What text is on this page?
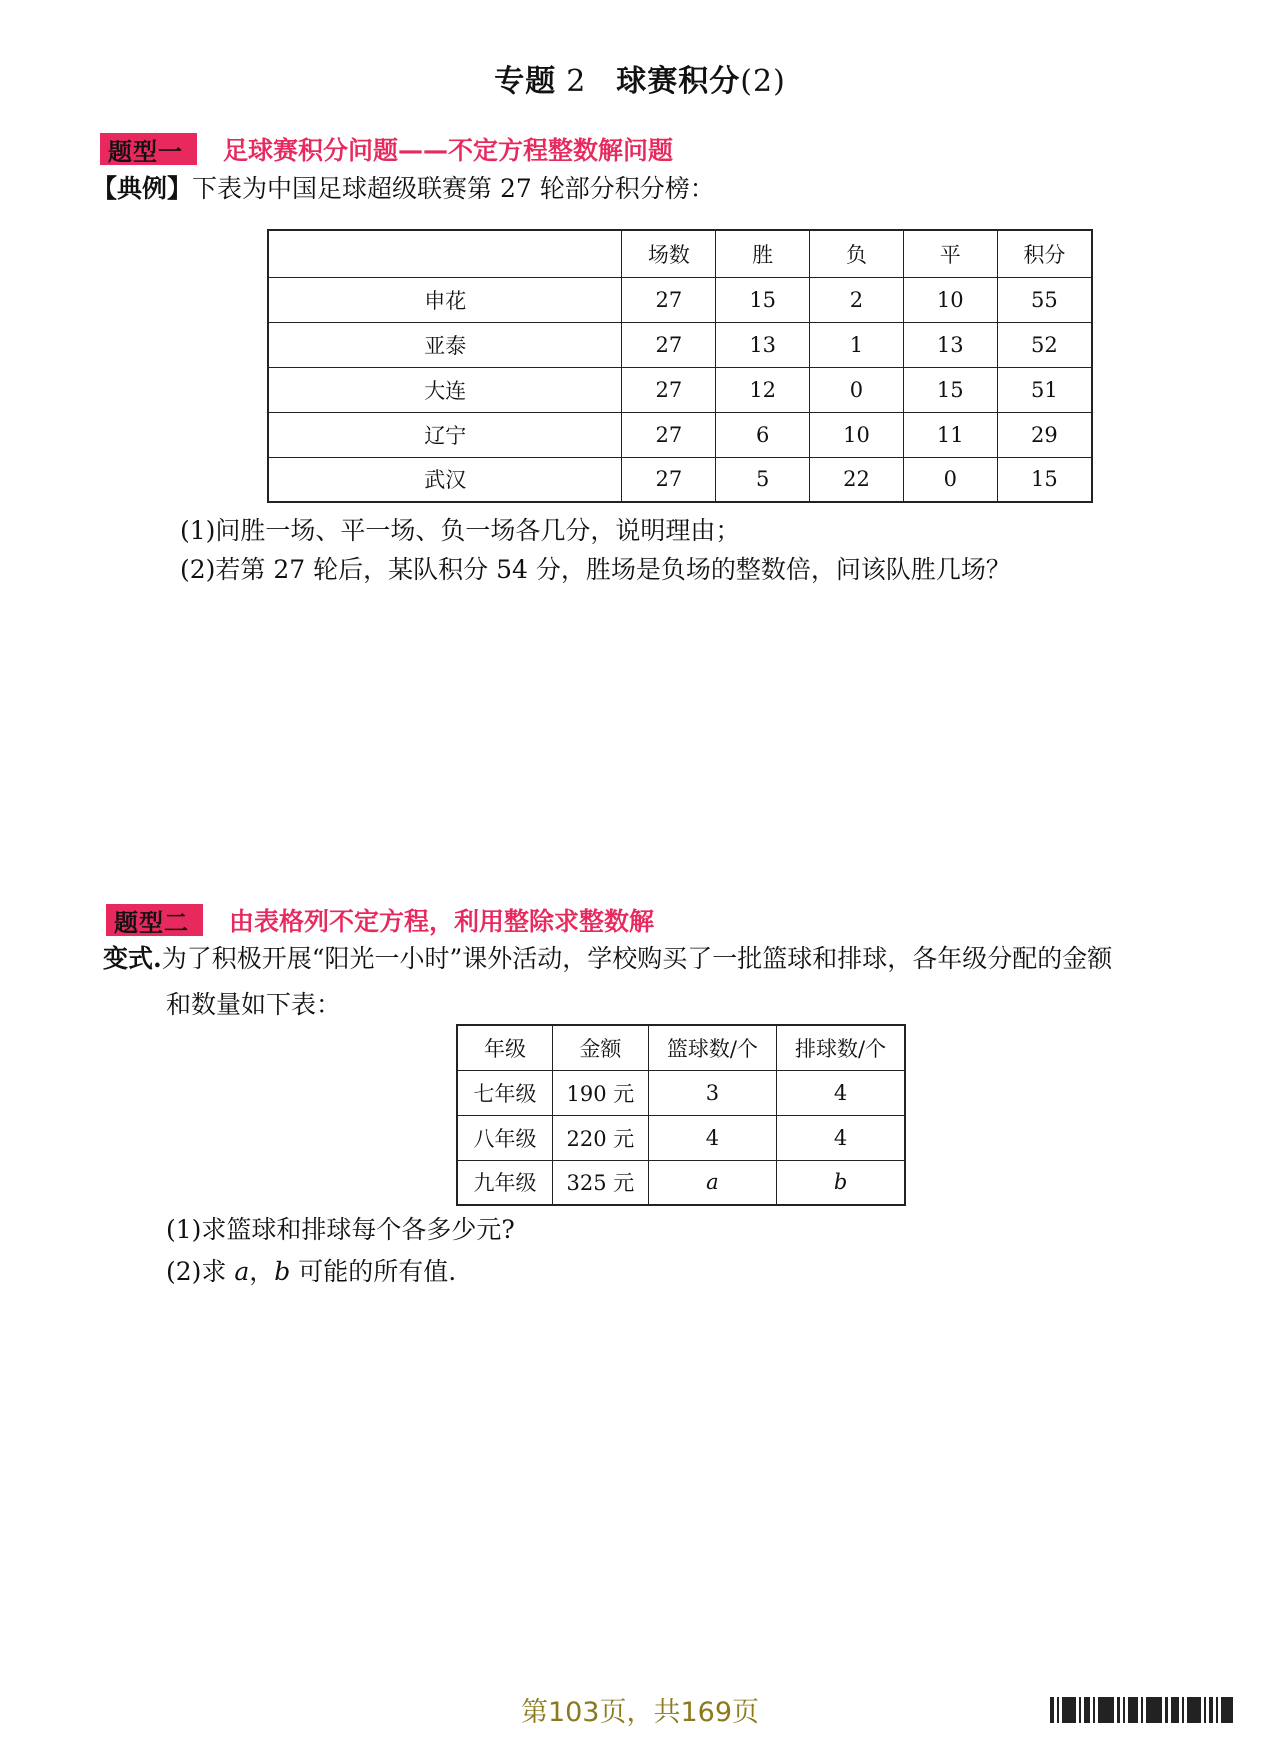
专题 2 球赛积分(2)
题型一	足球赛积分问题——不定方程整数解问题
【典例】下表为中国足球超级联赛第 27 轮部分积分榜：
	场数	胜	负	平	积分
申花	27	15	2	10	55
亚泰	27	13	1	13	52
大连	27	12	0	15	51
辽宁	27	6	10	11	29
武汉	27	5	22	0	15
(1)问胜一场、平一场、负一场各几分，说明理由；
(2)若第 27 轮后，某队积分 54 分，胜场是负场的整数倍，问该队胜几场？
题型二	由表格列不定方程，利用整除求整数解
变式.为了积极开展“阳光一小时”课外活动，学校购买了一批篮球和排球，各年级分配的金额
和数量如下表：
年级	金额	篮球数/个	排球数/个
七年级	190 元	3	4
八年级	220 元	4	4
九年级	325 元	a	b
(1)求篮球和排球每个各多少元?
(2)求 a，b 可能的所有值.
第103页，共169页
